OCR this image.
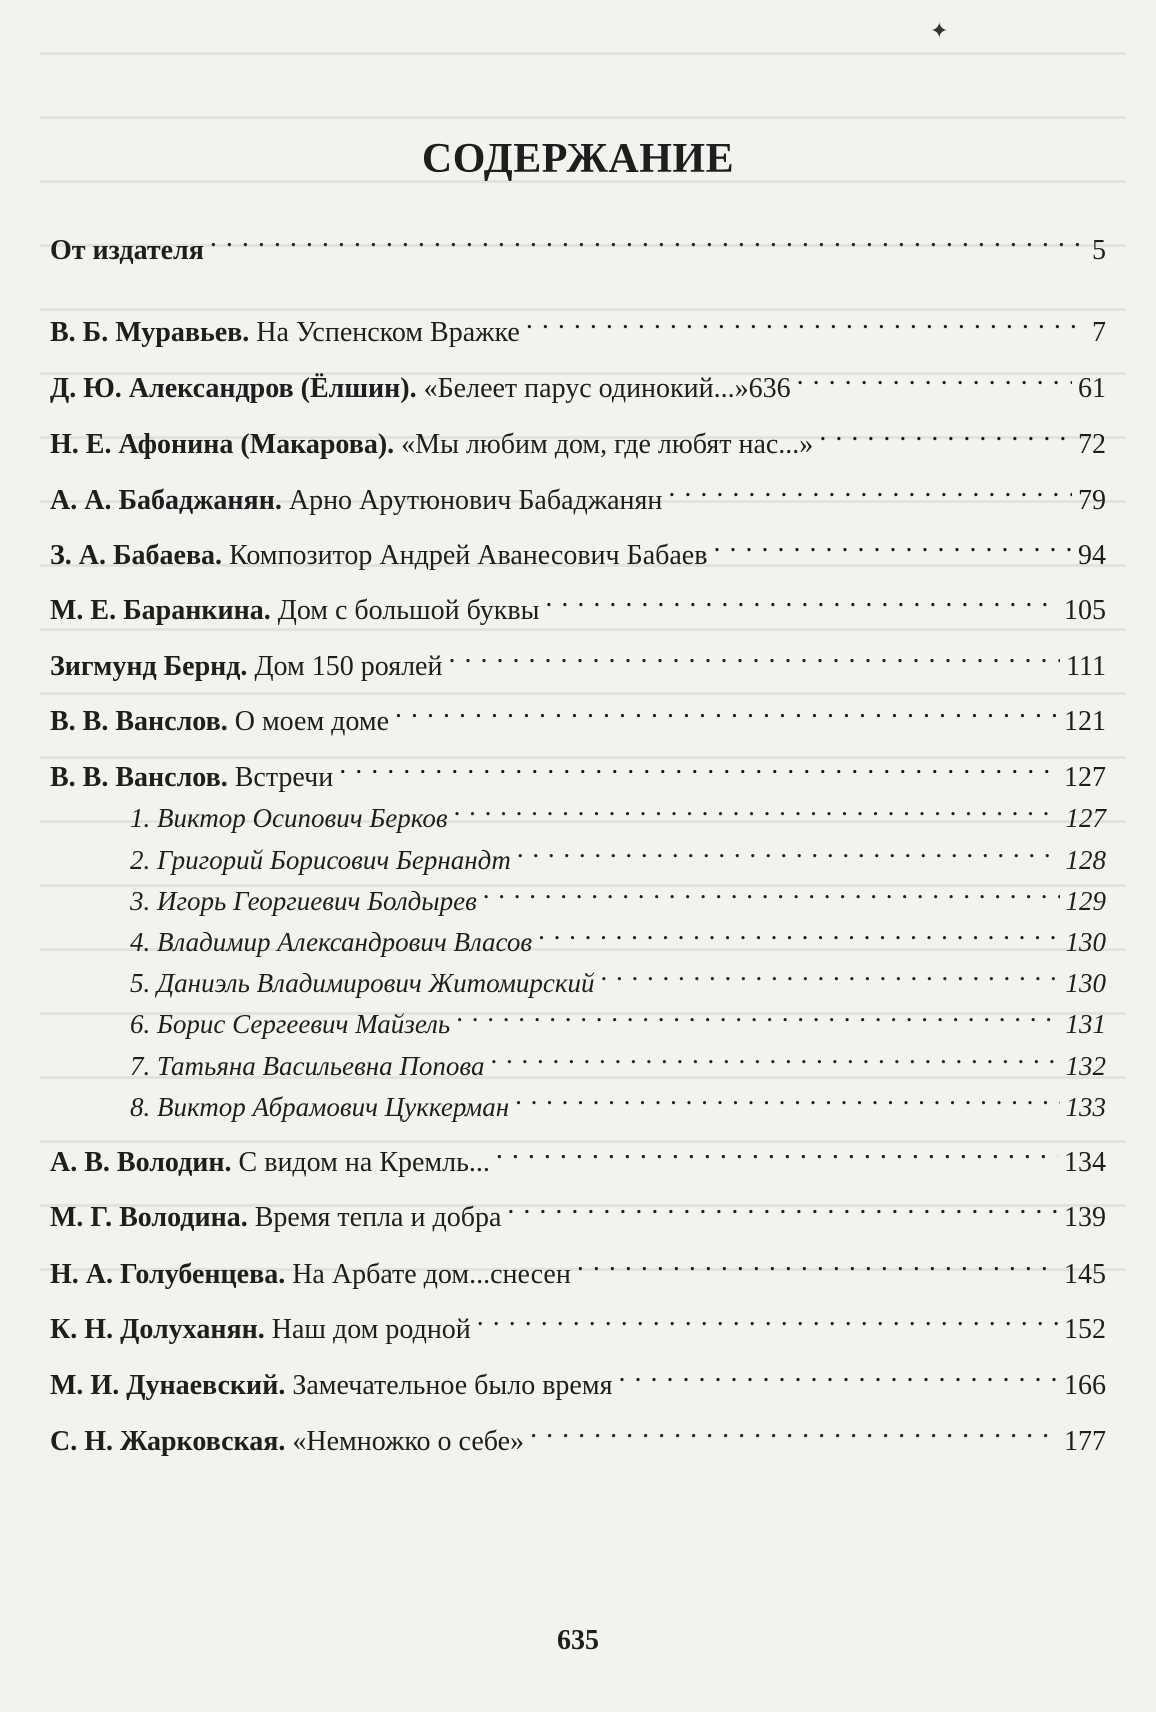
✦
СОДЕРЖАНИЕ
От издателя . . .	5
В. Б. Муравьев. На Успенском Вражке . . .	7
Д. Ю. Александров (Ёлшин). «Белеет парус одинокий...»636 . . .	61
Н. Е. Афонина (Макарова). «Мы любим дом, где любят нас...» . . .	72
А. А. Бабаджанян. Арно Арутюнович Бабаджанян . . .	79
З. А. Бабаева. Композитор Андрей Аванесович Бабаев . . .	94
М. Е. Баранкина. Дом с большой буквы . . .	105
Зигмунд Бернд. Дом 150 роялей . . .	111
В. В. Ванслов. О моем доме . . .	121
В. В. Ванслов. Встречи . . .	127
1. Виктор Осипович Берков . . .	127
2. Григорий Борисович Бернандт . . .	128
3. Игорь Георгиевич Болдырев . . .	129
4. Владимир Александрович Власов . . .	130
5. Даниэль Владимирович Житомирский . . .	130
6. Борис Сергеевич Майзель . . .	131
7. Татьяна Васильевна Попова . . .	132
8. Виктор Абрамович Цуккерман . . .	133
А. В. Володин. С видом на Кремль... . . .	134
М. Г. Володина. Время тепла и добра . . .	139
Н. А. Голубенцева. На Арбате дом...снесен . . .	145
К. Н. Долуханян. Наш дом родной . . .	152
М. И. Дунаевский. Замечательное было время . . .	166
С. Н. Жарковская. «Немножко о себе» . . .	177
635
